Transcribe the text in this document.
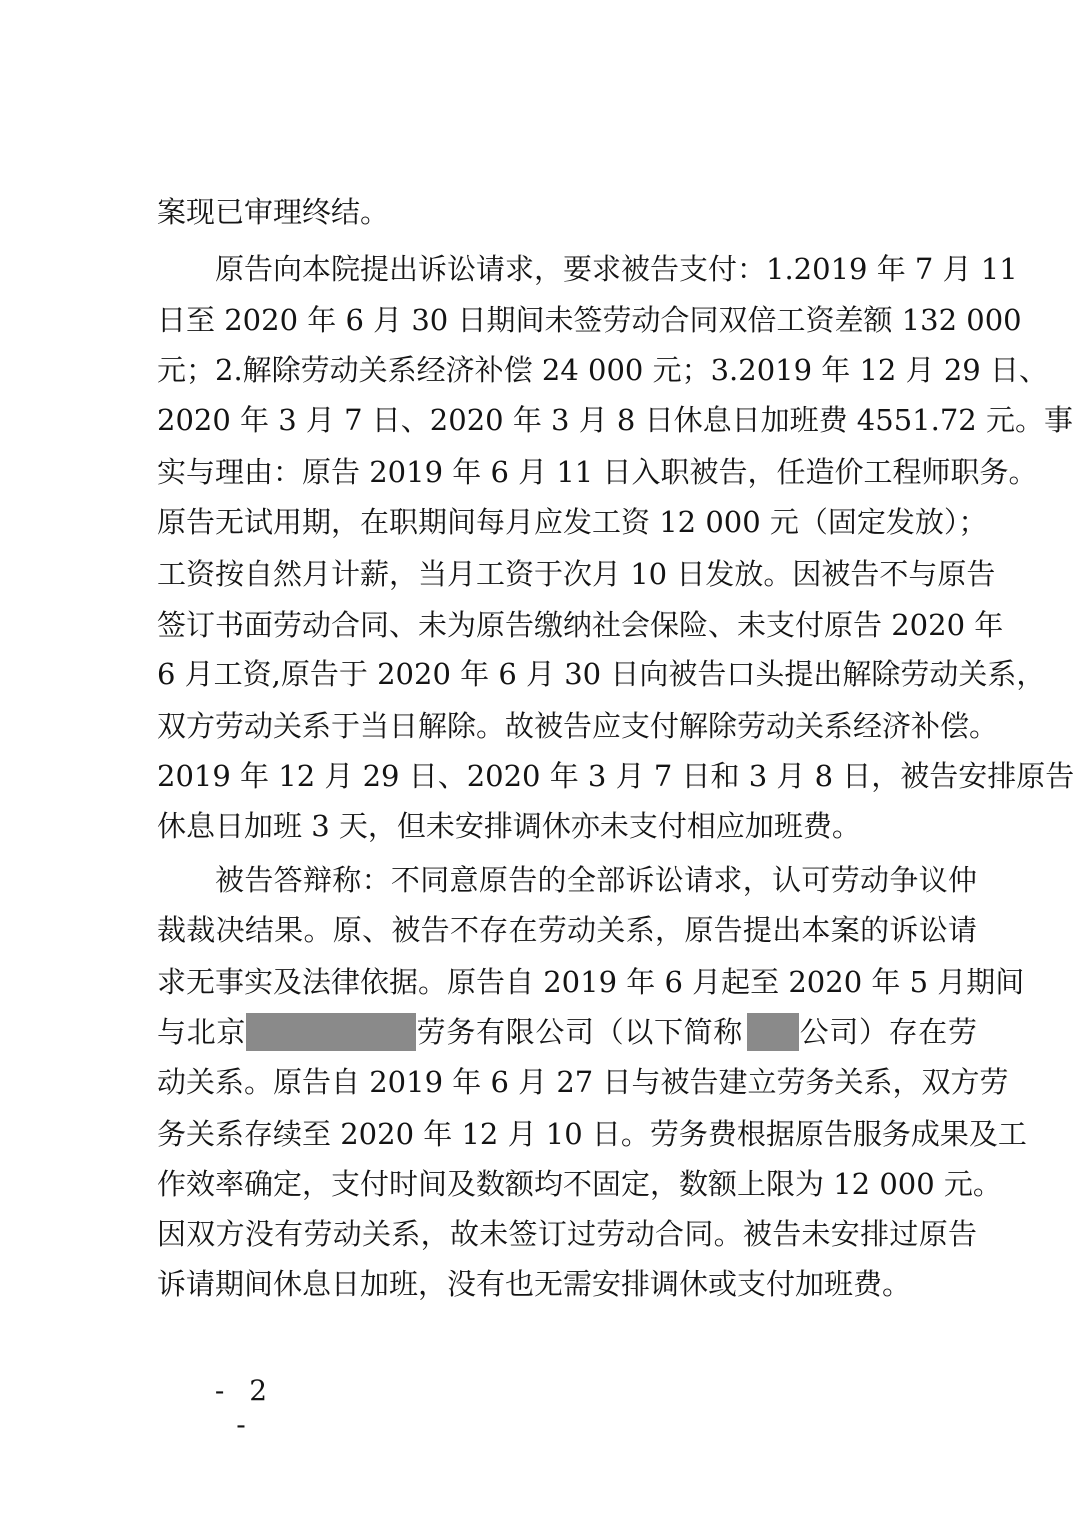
案现已审理终结。
原告向本院提出诉讼请求，要求被告支付：1.2019 年 7 月 11
日至 2020 年 6 月 30 日期间未签劳动合同双倍工资差额 132 000
元；2.解除劳动关系经济补偿 24 000 元；3.2019 年 12 月 29 日、
2020 年 3 月 7 日、2020 年 3 月 8 日休息日加班费 4551.72 元。事
实与理由：原告 2019 年 6 月 11 日入职被告，任造价工程师职务。
原告无试用期，在职期间每月应发工资 12 000 元（固定发放）；
工资按自然月计薪，当月工资于次月 10 日发放。因被告不与原告
签订书面劳动合同、未为原告缴纳社会保险、未支付原告 2020 年
6 月工资,原告于 2020 年 6 月 30 日向被告口头提出解除劳动关系，
双方劳动关系于当日解除。故被告应支付解除劳动关系经济补偿。
2019 年 12 月 29 日、2020 年 3 月 7 日和 3 月 8 日，被告安排原告
休息日加班 3 天，但未安排调休亦未支付相应加班费。
被告答辩称：不同意原告的全部诉讼请求，认可劳动争议仲
裁裁决结果。原、被告不存在劳动关系，原告提出本案的诉讼请
求无事实及法律依据。原告自 2019 年 6 月起至 2020 年 5 月期间
与北京	劳务有限公司（以下简称 公司）存在劳
动关系。原告自 2019 年 6 月 27 日与被告建立劳务关系，双方劳
务关系存续至 2020 年 12 月 10 日。劳务费根据原告服务成果及工
作效率确定，支付时间及数额均不固定，数额上限为 12 000 元。
因双方没有劳动关系，故未签订过劳动合同。被告未安排过原告
诉请期间休息日加班，没有也无需安排调休或支付加班费。
- 2 -
